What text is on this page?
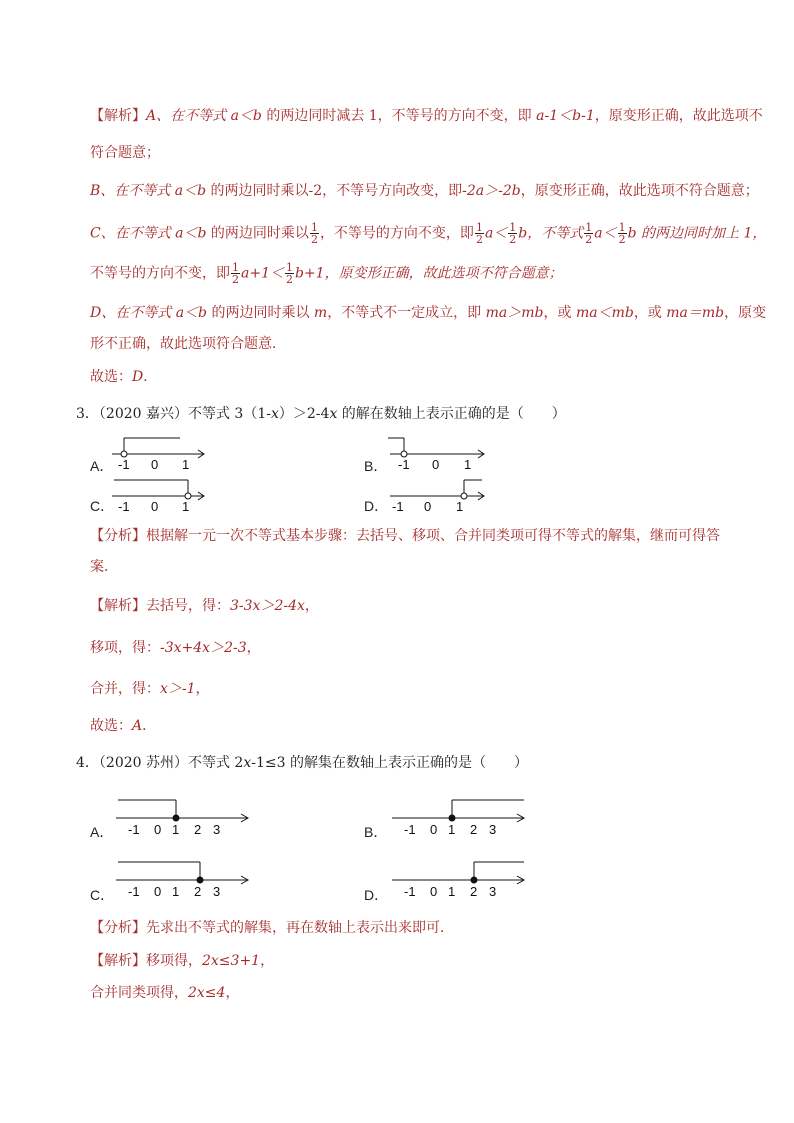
【解析】A、在不等式 a＜b 的两边同时减去 1，不等号的方向不变，即 a-1＜b-1，原变形正确，故此选项不
符合题意；
B、在不等式 a＜b 的两边同时乘以-2，不等号方向改变，即-2a＞-2b，原变形正确，故此选项不符合题意；
C、在不等式 a＜b 的两边同时乘以 $\frac{1}{2}$ ，不等号的方向不变，即 $\frac{1}{2} a< \frac{1}{2}$ b，不等式 $\frac{1}{2} a< \frac{1}{2}$ b 的两边同时加上 1，
不等号的方向不变，即 $\frac{1}{2} a+1< \frac{1}{2} b+1$，原变形正确，故此选项不符合题意；
D、在不等式 a＜b 的两边同时乘以 m，不等式不一定成立，即 ma＞mb，或 ma＜mb，或 ma＝mb，原变
形不正确，故此选项符合题意．
故选：D．
3．（2020 嘉兴）不等式 3（1-x）＞2-4x 的解在数轴上表示正确的是（　　）
A．	B．
C．	D．
-1 0 1	-1 0 1
-1 0 1	-1 0 1
【分析】根据解一元一次不等式基本步骤：去括号、移项、合并同类项可得不等式的解集，继而可得答
案．
【解析】去括号，得：3-3x＞2-4x，
移项，得：-3x+4x＞2-3，
合并，得：x＞-1，
故选：A．
4．（2020 苏州）不等式 2x-1≤3 的解集在数轴上表示正确的是（　　）
A．	B．
C．	D．
-1 0 1 2 3	-1 0 1 2 3
-1 0 1 2 3	-1 0 1 2 3
【分析】先求出不等式的解集，再在数轴上表示出来即可．
【解析】移项得，2x≤3+1，
合并同类项得，2x≤4，
